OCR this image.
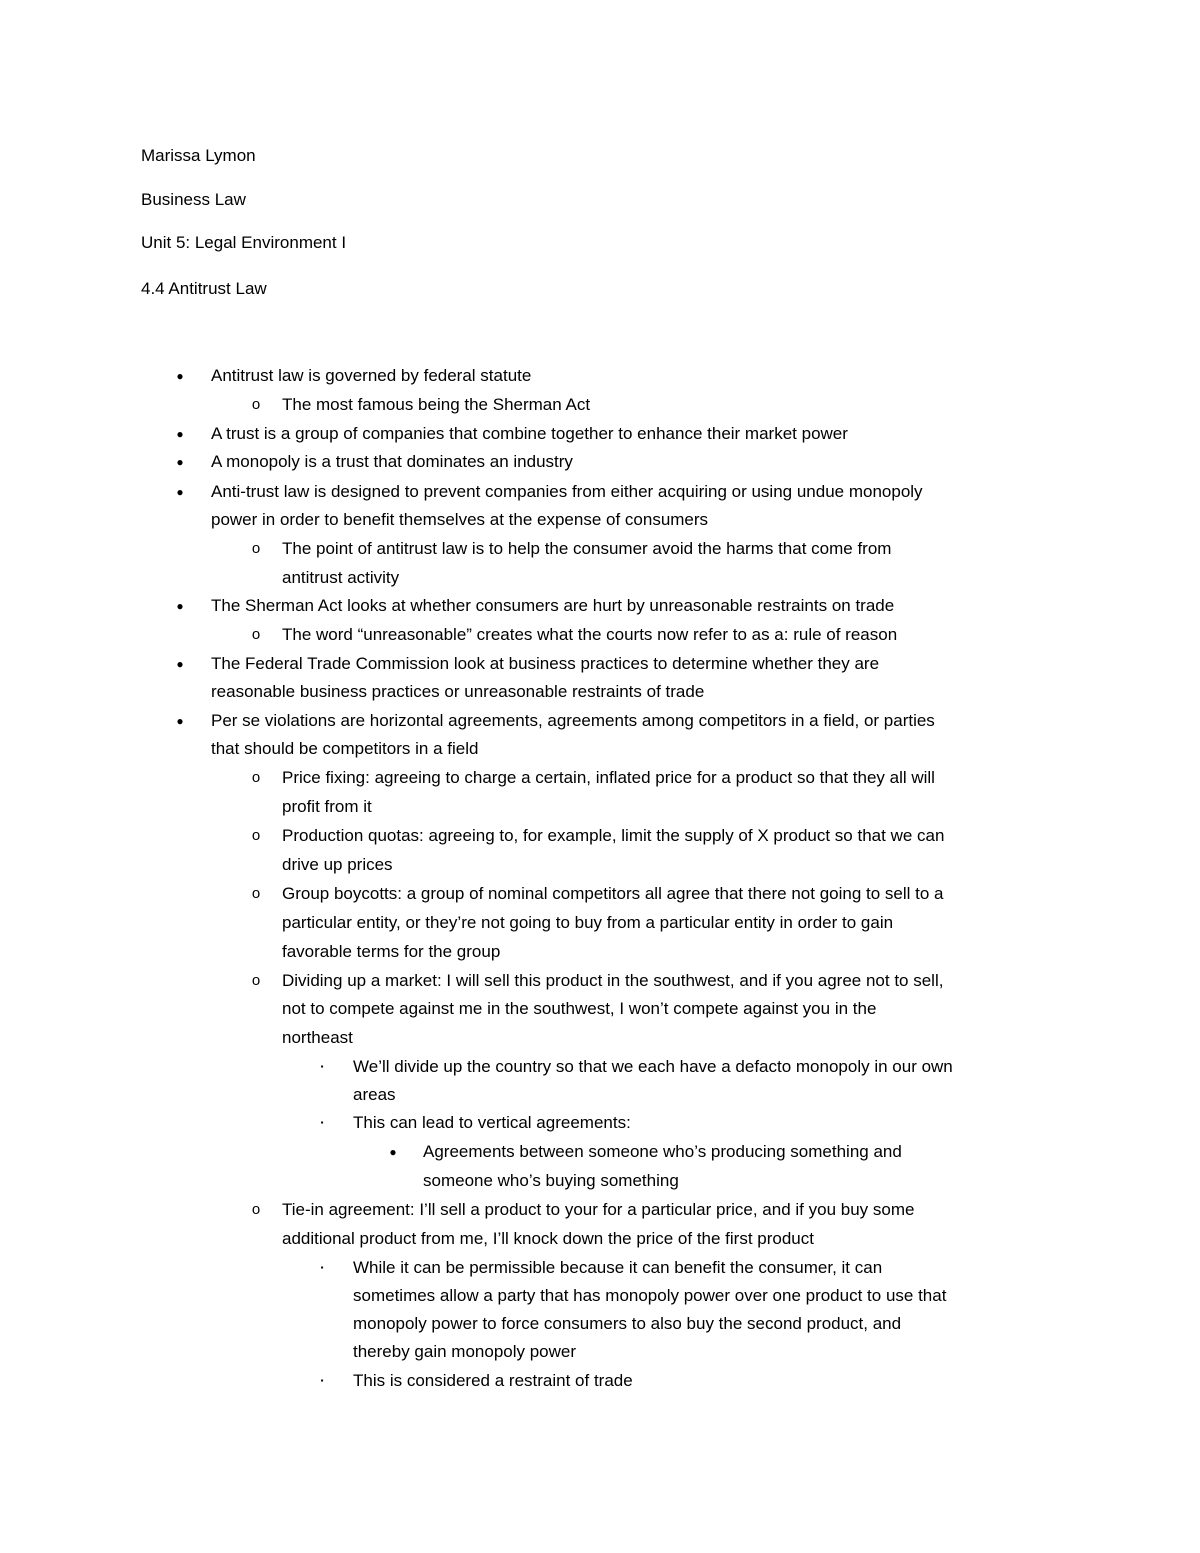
Marissa Lymon
Business Law
Unit 5: Legal Environment I
4.4 Antitrust Law
●	Antitrust law is governed by federal statute
o	The most famous being the Sherman Act
●	A trust is a group of companies that combine together to enhance their market power
●	A monopoly is a trust that dominates an industry
●	Anti-trust law is designed to prevent companies from either acquiring or using undue monopoly
power in order to benefit themselves at the expense of consumers
o	The point of antitrust law is to help the consumer avoid the harms that come from
antitrust activity
●	The Sherman Act looks at whether consumers are hurt by unreasonable restraints on trade
o	The word “unreasonable” creates what the courts now refer to as a: rule of reason
●	The Federal Trade Commission look at business practices to determine whether they are
reasonable business practices or unreasonable restraints of trade
●	Per se violations are horizontal agreements, agreements among competitors in a field, or parties
that should be competitors in a field
o	Price fixing: agreeing to charge a certain, inflated price for a product so that they all will
profit from it
o	Production quotas: agreeing to, for example, limit the supply of X product so that we can
drive up prices
o	Group boycotts: a group of nominal competitors all agree that there not going to sell to a
particular entity, or they’re not going to buy from a particular entity in order to gain
favorable terms for the group
o	Dividing up a market: I will sell this product in the southwest, and if you agree not to sell,
not to compete against me in the southwest, I won’t compete against you in the
northeast
▪	We’ll divide up the country so that we each have a defacto monopoly in our own
areas
▪	This can lead to vertical agreements:
●	Agreements between someone who’s producing something and
someone who’s buying something
o	Tie-in agreement: I’ll sell a product to your for a particular price, and if you buy some
additional product from me, I’ll knock down the price of the first product
▪	While it can be permissible because it can benefit the consumer, it can
sometimes allow a party that has monopoly power over one product to use that
monopoly power to force consumers to also buy the second product, and
thereby gain monopoly power
▪	This is considered a restraint of trade
